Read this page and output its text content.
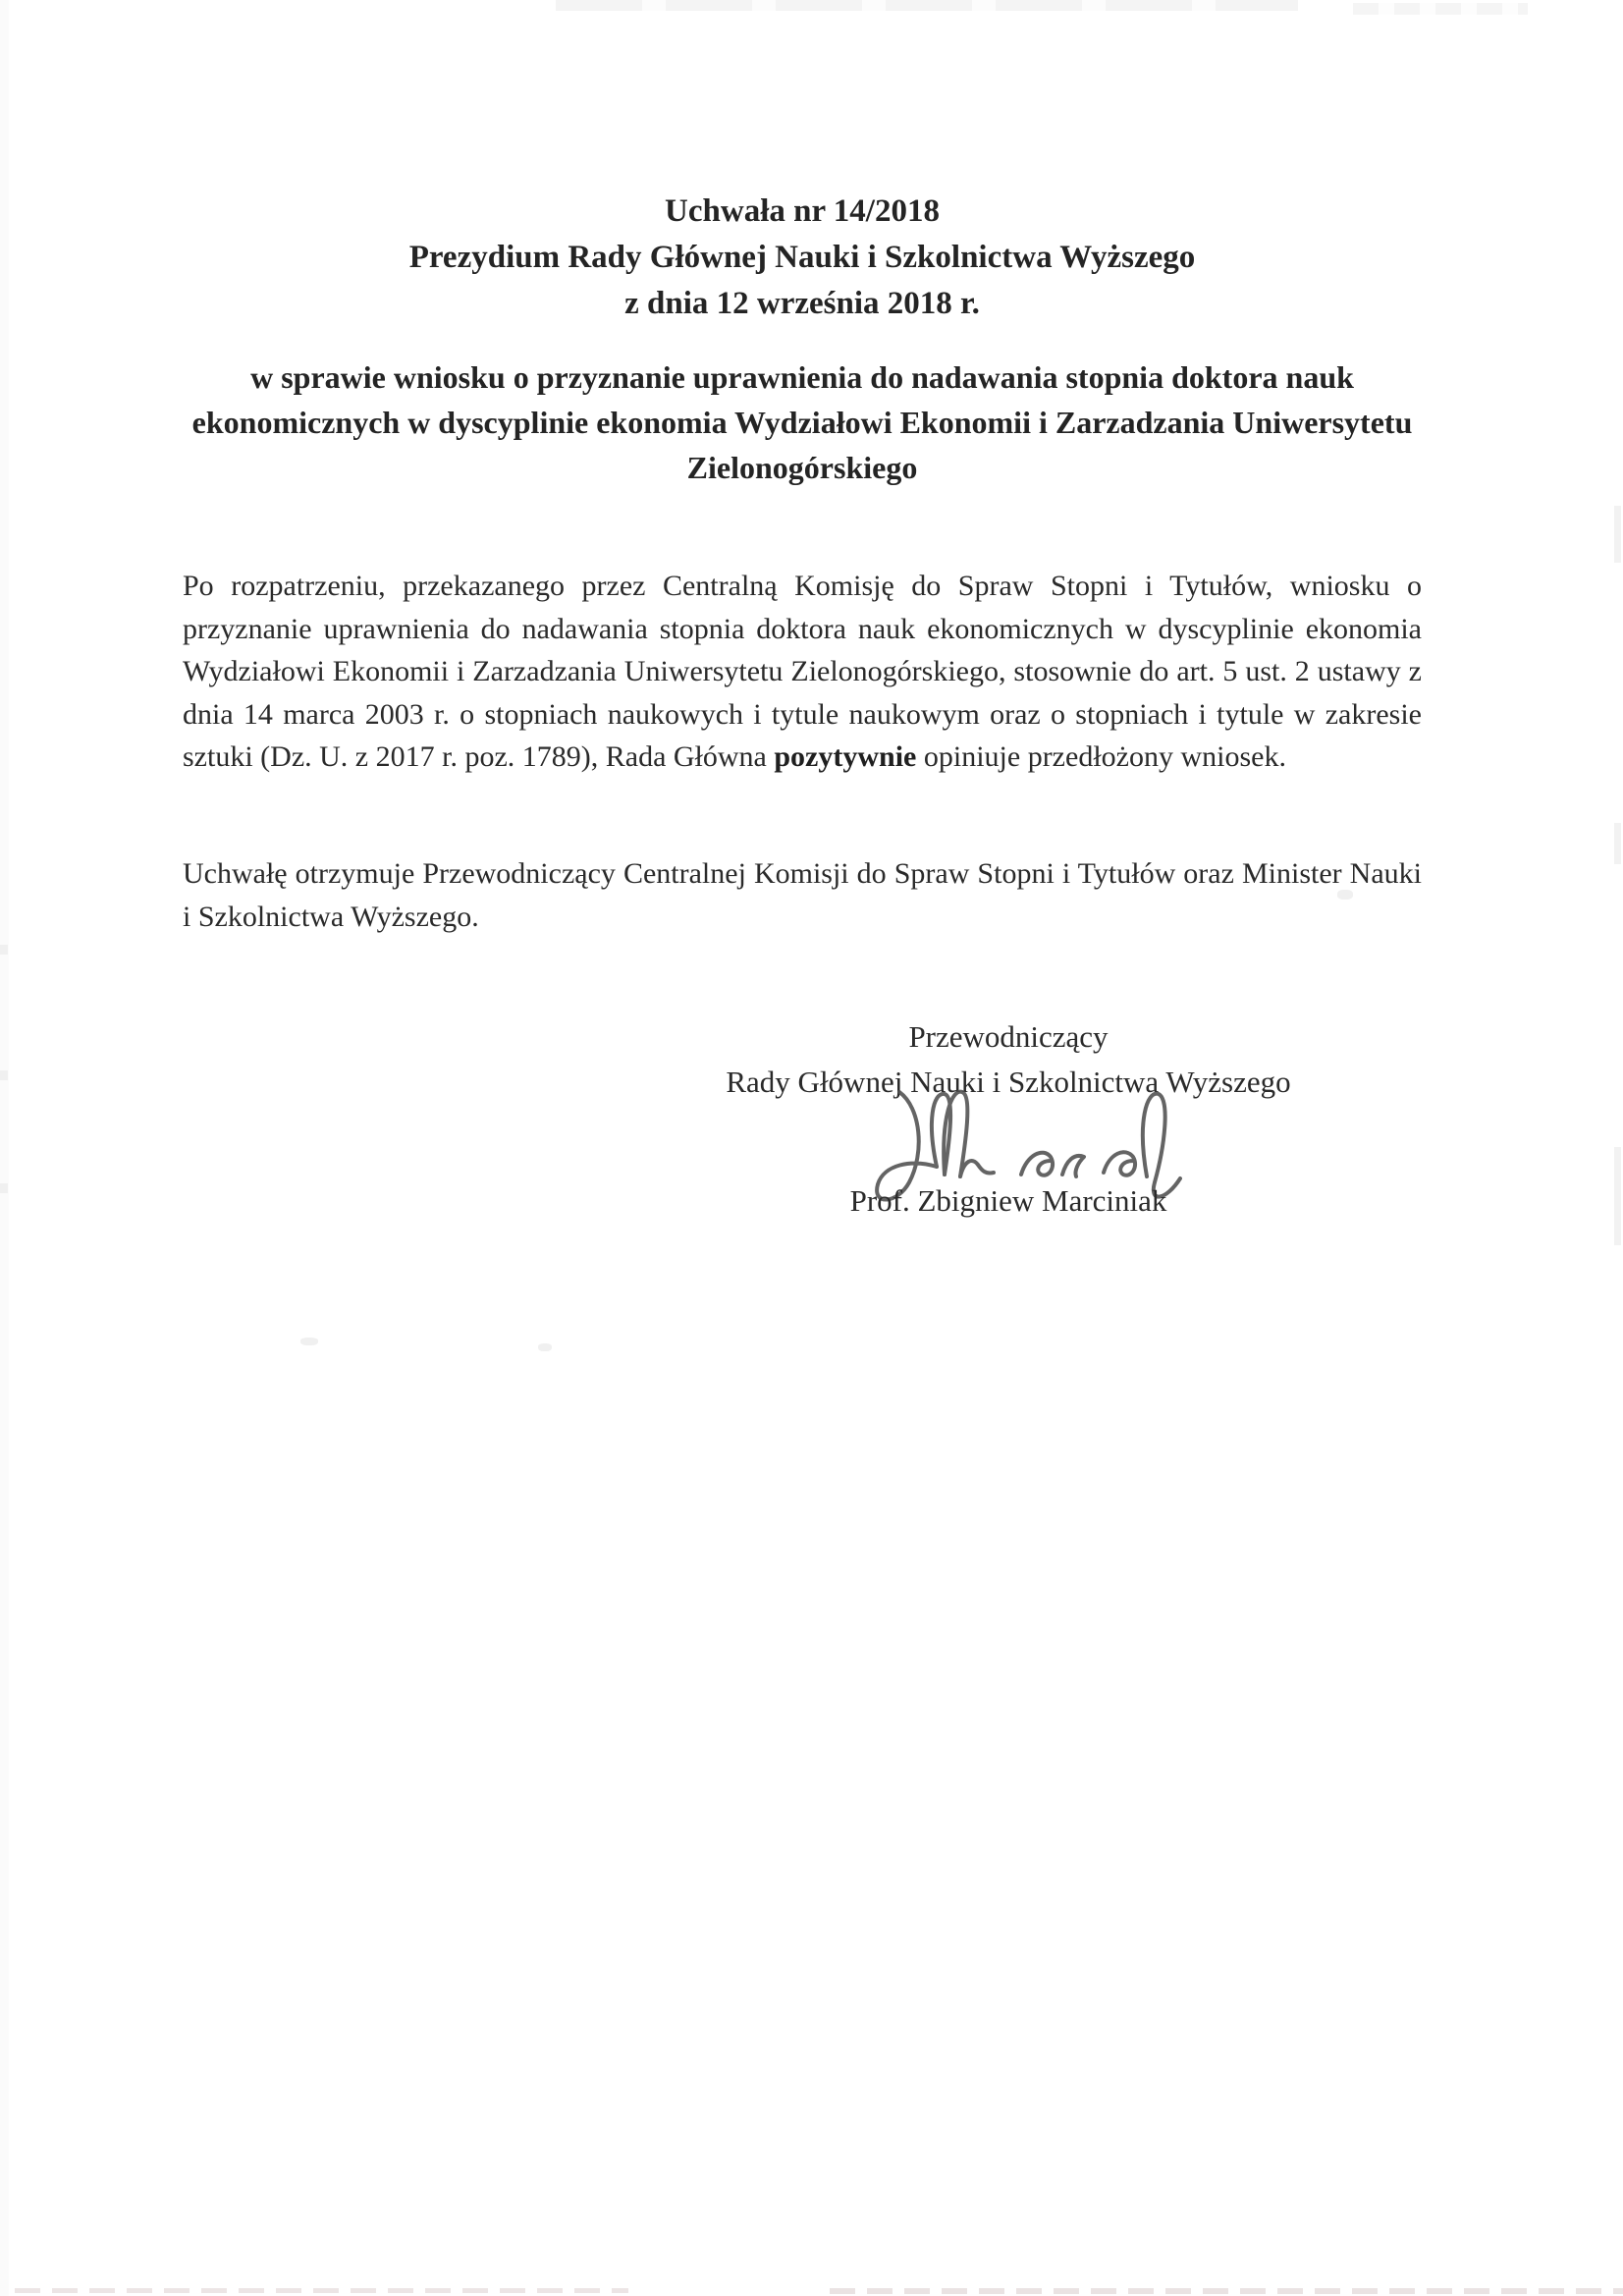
Uchwała nr 14/2018
Prezydium Rady Głównej Nauki i Szkolnictwa Wyższego
z dnia 12 września 2018 r.
w sprawie wniosku o przyznanie uprawnienia do nadawania stopnia doktora nauk ekonomicznych w dyscyplinie ekonomia Wydziałowi Ekonomii i Zarzadzania Uniwersytetu Zielonogórskiego

Po rozpatrzeniu, przekazanego przez Centralną Komisję do Spraw Stopni i Tytułów, wniosku o przyznanie uprawnienia do nadawania stopnia doktora nauk ekonomicznych w dyscyplinie ekonomia Wydziałowi Ekonomii i Zarzadzania Uniwersytetu Zielonogórskiego, stosownie do art. 5 ust. 2 ustawy z dnia 14 marca 2003 r. o stopniach naukowych i tytule naukowym oraz o stopniach i tytule w zakresie sztuki (Dz. U. z 2017 r. poz. 1789), Rada Główna pozytywnie opiniuje przedłożony wniosek.

Uchwałę otrzymuje Przewodniczący Centralnej Komisji do Spraw Stopni i Tytułów oraz Minister Nauki i Szkolnictwa Wyższego.

Przewodniczący
Rady Głównej Nauki i Szkolnictwa Wyższego
Prof. Zbigniew Marciniak
